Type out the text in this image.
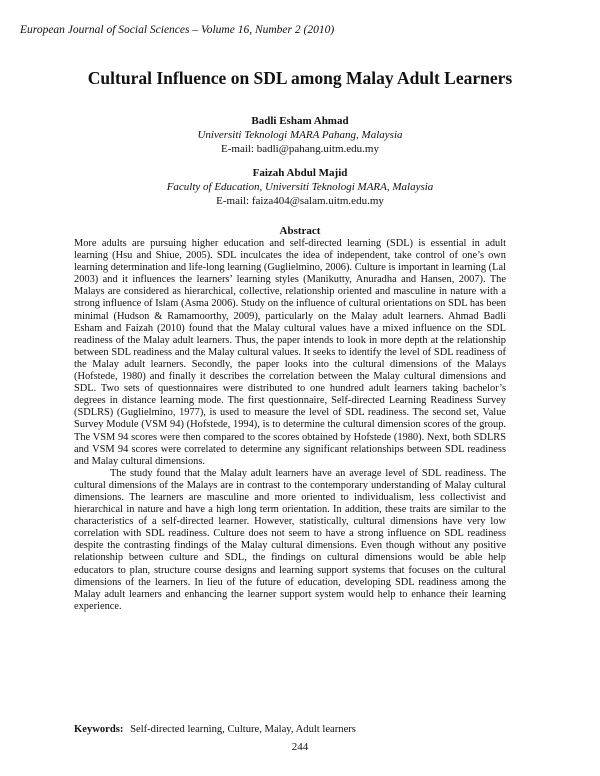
European Journal of Social Sciences – Volume 16, Number 2 (2010)
Cultural Influence on SDL among Malay Adult Learners
Badli Esham Ahmad
Universiti Teknologi MARA Pahang, Malaysia
E-mail: badli@pahang.uitm.edu.my
Faizah Abdul Majid
Faculty of Education, Universiti Teknologi MARA, Malaysia
E-mail: faiza404@salam.uitm.edu.my
Abstract

More adults are pursuing higher education and self-directed learning (SDL) is essential in adult learning (Hsu and Shiue, 2005). SDL inculcates the idea of independent, take control of one’s own learning determination and life-long learning (Guglielmino, 2006). Culture is important in learning (Lal 2003) and it influences the learners’ learning styles (Manikutty, Anuradha and Hansen, 2007). The Malays are considered as hierarchical, collective, relationship oriented and masculine in nature with a strong influence of Islam (Asma 2006). Study on the influence of cultural orientations on SDL has been minimal (Hudson & Ramamoorthy, 2009), particularly on the Malay adult learners. Ahmad Badli Esham and Faizah (2010) found that the Malay cultural values have a mixed influence on the SDL readiness of the Malay adult learners. Thus, the paper intends to look in more depth at the relationship between SDL readiness and the Malay cultural values. It seeks to identify the level of SDL readiness of the Malay adult learners. Secondly, the paper looks into the cultural dimensions of the Malays (Hofstede, 1980) and finally it describes the correlation between the Malay cultural dimensions and SDL. Two sets of questionnaires were distributed to one hundred adult learners taking bachelor’s degrees in distance learning mode. The first questionnaire, Self-directed Learning Readiness Survey (SDLRS) (Guglielmino, 1977), is used to measure the level of SDL readiness. The second set, Value Survey Module (VSM 94) (Hofstede, 1994), is to determine the cultural dimension scores of the group. The VSM 94 scores were then compared to the scores obtained by Hofstede (1980). Next, both SDLRS and VSM 94 scores were correlated to determine any significant relationships between SDL readiness and Malay cultural dimensions.

The study found that the Malay adult learners have an average level of SDL readiness. The cultural dimensions of the Malays are in contrast to the contemporary understanding of Malay cultural dimensions. The learners are masculine and more oriented to individualism, less collectivist and hierarchical in nature and have a high long term orientation. In addition, these traits are similar to the characteristics of a self-directed learner. However, statistically, cultural dimensions have very low correlation with SDL readiness. Culture does not seem to have a strong influence on SDL readiness despite the contrasting findings of the Malay cultural dimensions. Even though without any positive relationship between culture and SDL, the findings on cultural dimensions would be able help educators to plan, structure course designs and learning support systems that focuses on the cultural dimensions of the learners. In lieu of the future of education, developing SDL readiness among the Malay adult learners and enhancing the learner support system would help to enhance their learning experience.

Keywords: Self-directed learning, Culture, Malay, Adult learners
244
